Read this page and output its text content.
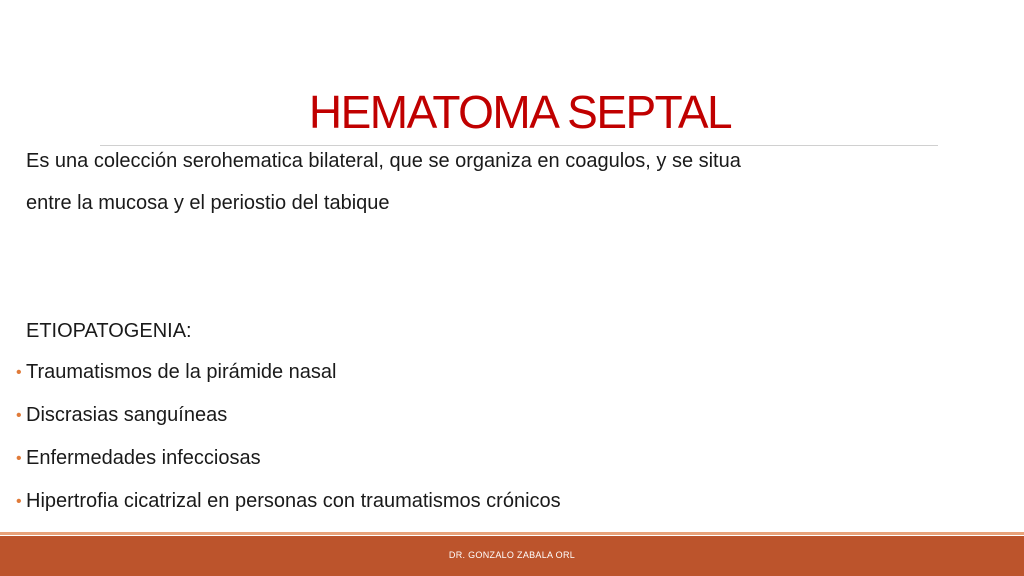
HEMATOMA SEPTAL
Es una colección serohematica bilateral, que se organiza en coagulos, y se situa
entre la mucosa y el periostio del tabique
ETIOPATOGENIA:
• Traumatismos de la pirámide nasal
• Discrasias sanguíneas
• Enfermedades infecciosas
• Hipertrofia cicatrizal en personas con traumatismos crónicos
DR. GONZALO ZABALA ORL
